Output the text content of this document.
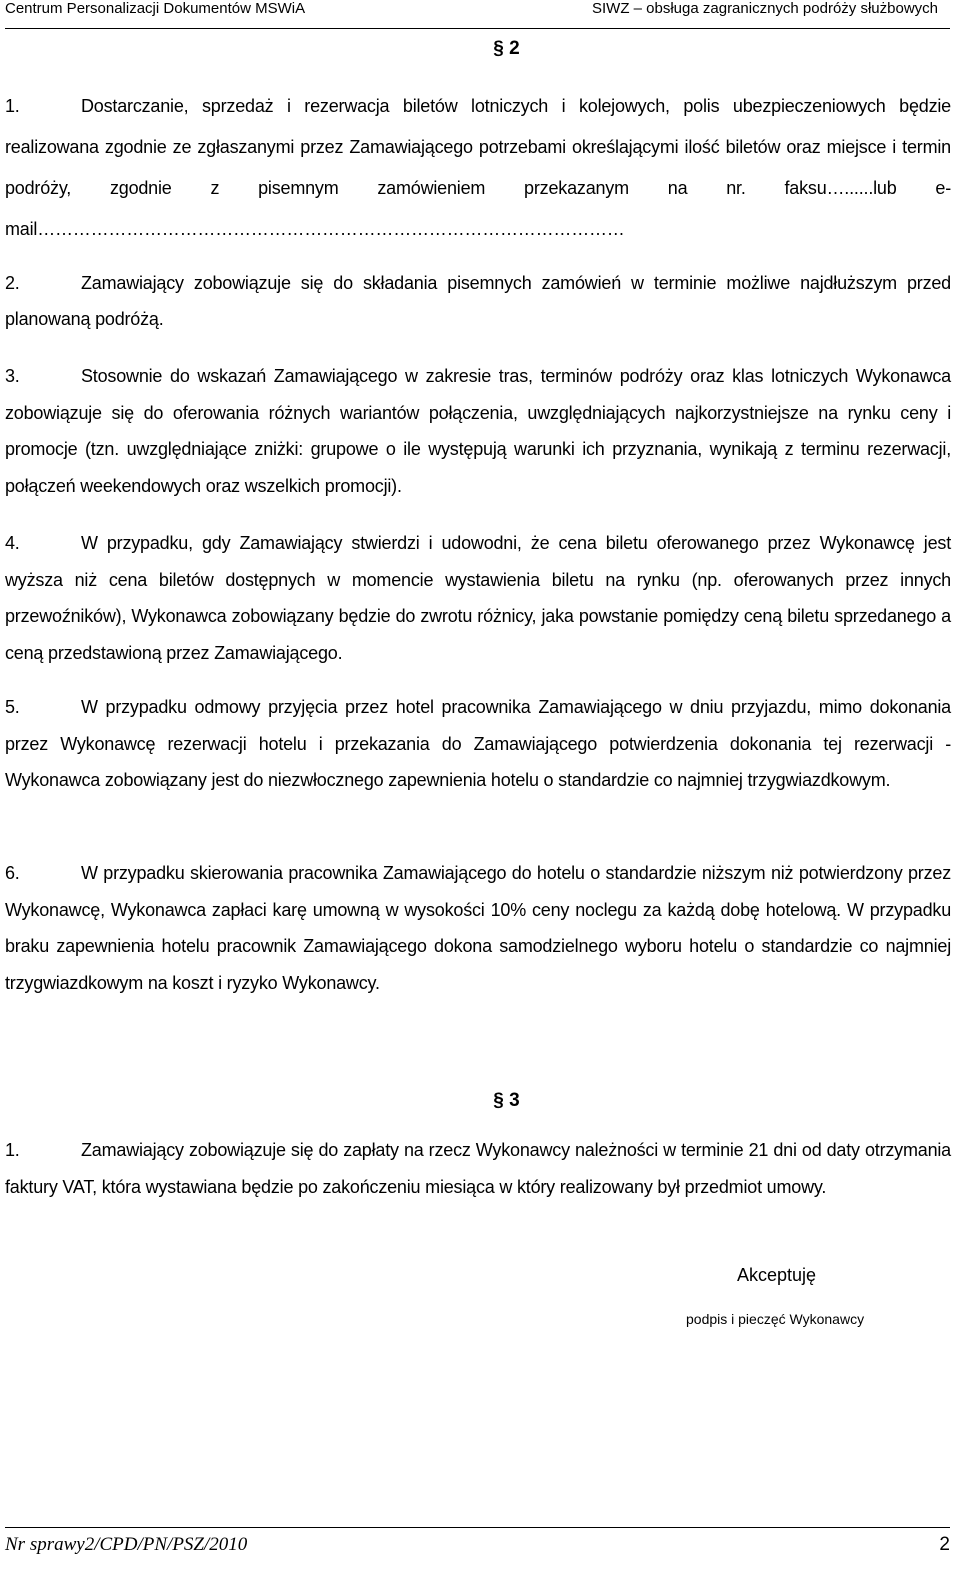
Centrum Personalizacji Dokumentów MSWiA	SIWZ – obsługa zagranicznych podróży służbowych
§ 2
1.	Dostarczanie, sprzedaż i rezerwacja biletów lotniczych i kolejowych, polis ubezpieczeniowych będzie realizowana zgodnie ze zgłaszanymi przez Zamawiającego potrzebami określającymi ilość biletów oraz miejsce i termin podróży, zgodnie z pisemnym zamówieniem przekazanym na nr. faksu…......lub e-mail………………………………………………………………………………………
2.	Zamawiający zobowiązuje się do składania pisemnych zamówień w terminie możliwe najdłuższym przed planowaną podróżą.
3.	Stosownie do wskazań Zamawiającego w zakresie tras, terminów podróży oraz klas lotniczych Wykonawca zobowiązuje się do oferowania różnych wariantów połączenia, uwzględniających najkorzystniejsze na rynku ceny i promocje (tzn. uwzględniające zniżki: grupowe o ile występują warunki ich przyznania, wynikają z terminu rezerwacji, połączeń weekendowych oraz wszelkich promocji).
4.	W przypadku, gdy Zamawiający stwierdzi i udowodni, że cena biletu oferowanego przez Wykonawcę jest wyższa niż cena biletów dostępnych w momencie wystawienia biletu na rynku (np. oferowanych przez innych przewoźników), Wykonawca zobowiązany będzie do zwrotu różnicy, jaka powstanie pomiędzy ceną biletu sprzedanego a ceną przedstawioną przez Zamawiającego.
5.	W przypadku odmowy przyjęcia przez hotel pracownika Zamawiającego w dniu przyjazdu, mimo dokonania przez Wykonawcę rezerwacji hotelu i przekazania do Zamawiającego potwierdzenia dokonania tej rezerwacji - Wykonawca zobowiązany jest do niezwłocznego zapewnienia hotelu o standardzie co najmniej trzygwiazdkowym.
6.	W przypadku skierowania pracownika Zamawiającego do hotelu o standardzie niższym niż potwierdzony przez Wykonawcę, Wykonawca zapłaci karę umowną w wysokości 10% ceny noclegu za każdą dobę hotelową. W przypadku braku zapewnienia hotelu pracownik Zamawiającego dokona samodzielnego wyboru hotelu o standardzie co najmniej trzygwiazdkowym na koszt i ryzyko Wykonawcy.
§ 3
1.	Zamawiający zobowiązuje się do zapłaty na rzecz Wykonawcy należności w terminie 21 dni od daty otrzymania faktury VAT, która wystawiana będzie po zakończeniu miesiąca w który realizowany był przedmiot umowy.
Akceptuję
podpis i pieczęć Wykonawcy
Nr sprawy2/CPD/PN/PSZ/2010	2
